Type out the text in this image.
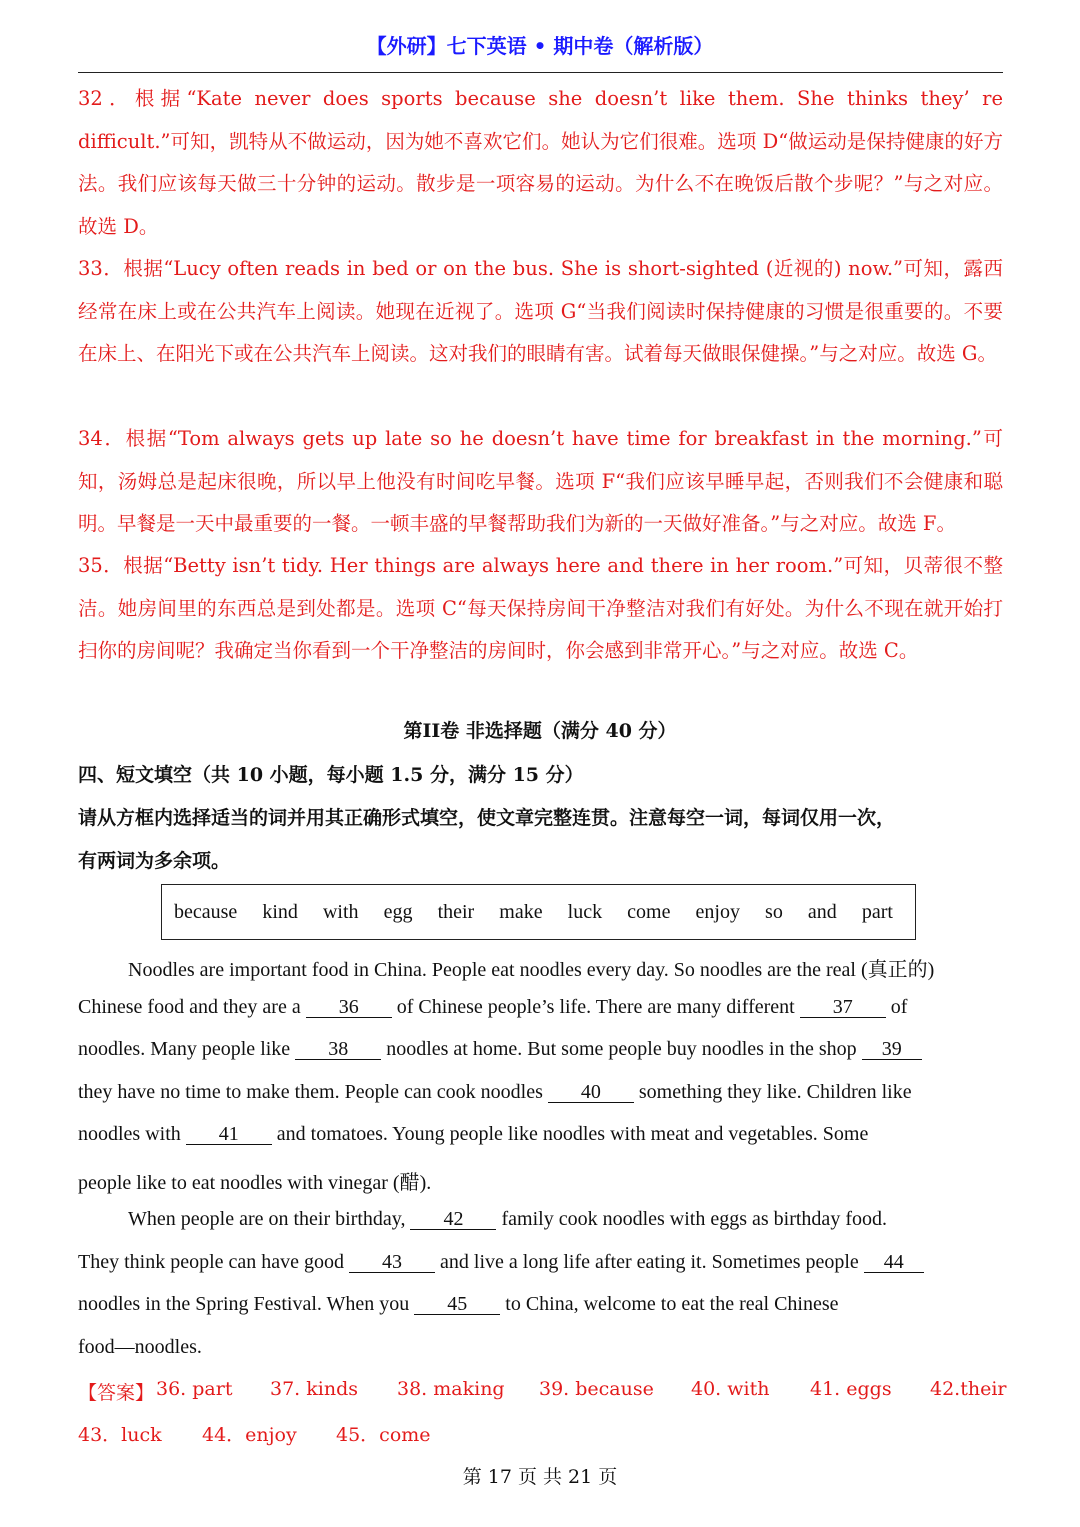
【外研】七下英语 • 期中卷（解析版）
32．根据“Kate never does sports because she doesn’t like them. She thinks they’ re difficult.”可知，凯特从不做运动，因为她不喜欢它们。她认为它们很难。选项 D“做运动是保持健康的好方法。我们应该每天做三十分钟的运动。散步是一项容易的运动。为什么不在晚饭后散个步呢？”与之对应。故选 D。
33．根据“Lucy often reads in bed or on the bus. She is short-sighted (近视的) now.”可知，露西经常在床上或在公共汽车上阅读。她现在近视了。选项 G“当我们阅读时保持健康的习惯是很重要的。不要在床上、在阳光下或在公共汽车上阅读。这对我们的眼睛有害。试着每天做眼保健操。”与之对应。故选 G。
34．根据“Tom always gets up late so he doesn’t have time for breakfast in the morning.”可知，汤姆总是起床很晚，所以早上他没有时间吃早餐。选项 F“我们应该早睡早起，否则我们不会健康和聪明。早餐是一天中最重要的一餐。一顿丰盛的早餐帮助我们为新的一天做好准备。”与之对应。故选 F。
35．根据“Betty isn’t tidy. Her things are always here and there in her room.”可知，贝蒂很不整洁。她房间里的东西总是到处都是。选项 C“每天保持房间干净整洁对我们有好处。为什么不现在就开始打扫你的房间呢？我确定当你看到一个干净整洁的房间时，你会感到非常开心。”与之对应。故选 C。
第II卷 非选择题（满分 40 分）
四、短文填空（共 10 小题，每小题 1.5 分，满分 15 分）
请从方框内选择适当的词并用其正确形式填空，使文章完整连贯。注意每空一词，每词仅用一次，
有两词为多余项。
because kind with egg their make luck come enjoy so and part
Noodles are important food in China. People eat noodles every day. So noodles are the real (真正的)
Chinese food and they are a 36 of Chinese people’s life. There are many different 37 of
noodles. Many people like 38 noodles at home. But some people buy noodles in the shop 39
they have no time to make them. People can cook noodles 40 something they like. Children like
noodles with 41 and tomatoes. Young people like noodles with meat and vegetables. Some
people like to eat noodles with vinegar (醋).
When people are on their birthday, 42 family cook noodles with eggs as birthday food.
They think people can have good 43 and live a long life after eating it. Sometimes people 44
noodles in the Spring Festival. When you 45 to China, welcome to eat the real Chinese
food—noodles.
【答案】 36. part 37. kinds 38. making 39. because 40. with 41. eggs 42.their
43．luck 44．enjoy 45．come
第 17 页 共 21 页
